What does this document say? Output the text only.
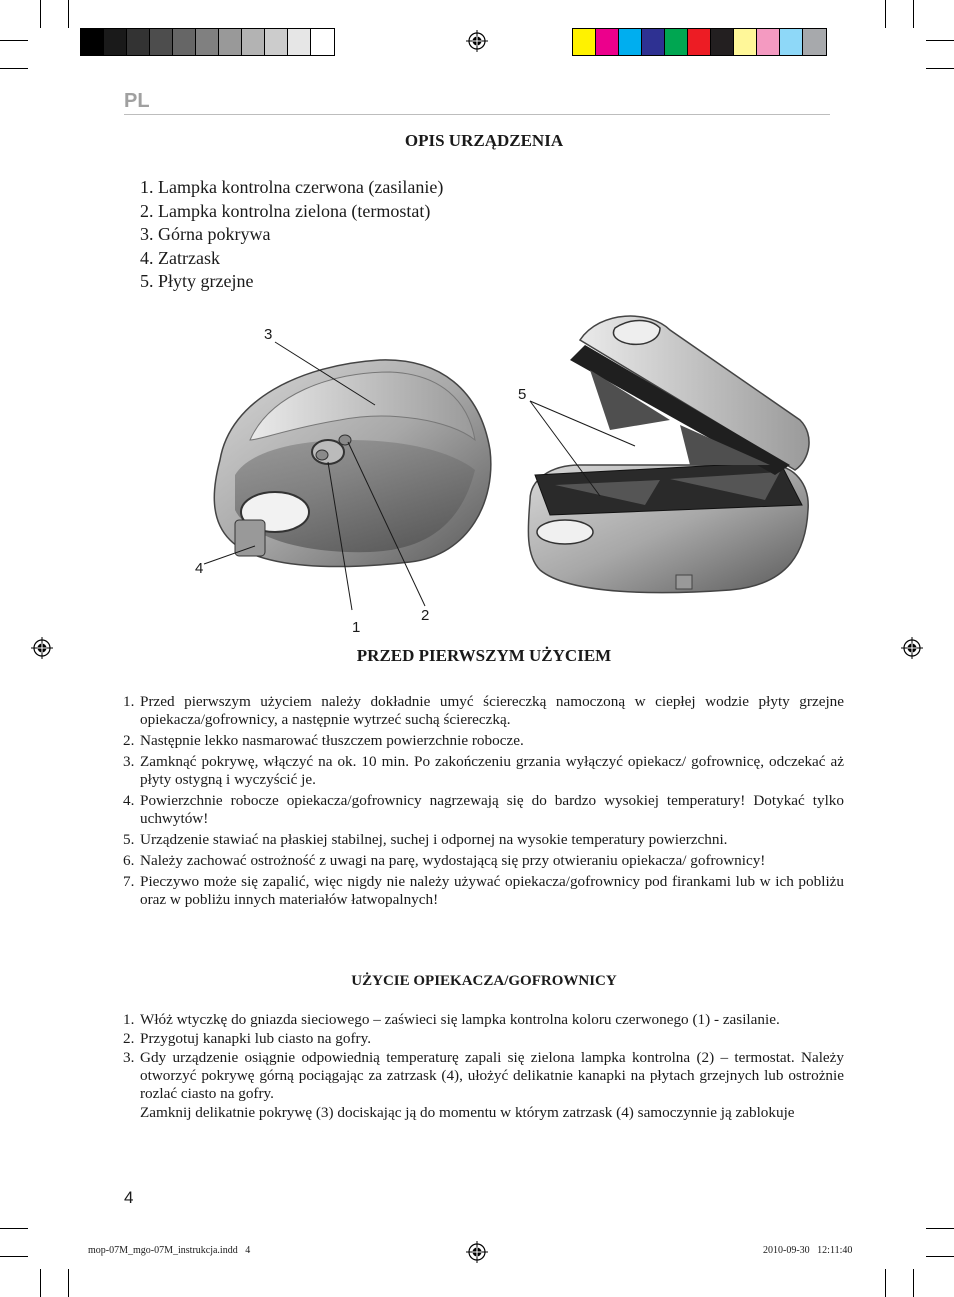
PL
OPIS URZĄDZENIA
1. Lampka kontrolna czerwona (zasilanie)
2. Lampka kontrolna zielona (termostat)
3. Górna pokrywa
4. Zatrzask
5. Płyty grzejne
3
5
4
1
2
PRZED PIERWSZYM UŻYCIEM
1. Przed pierwszym użyciem należy dokładnie umyć ściereczką namoczoną w ciepłej wodzie płyty grzejne opiekacza/gofrownicy, a następnie wytrzeć suchą ściereczką.
2. Następnie lekko nasmarować tłuszczem powierzchnie robocze.
3. Zamknąć pokrywę, włączyć na ok. 10 min. Po zakończeniu grzania wyłączyć opiekacz/ gofrownicę, odczekać aż płyty ostygną i wyczyścić je.
4. Powierzchnie robocze opiekacza/gofrownicy nagrzewają się do bardzo wysokiej temperatury! Dotykać tylko uchwytów!
5. Urządzenie stawiać na płaskiej stabilnej, suchej i odpornej na wysokie temperatury powierzchni.
6. Należy zachować ostrożność z uwagi na parę, wydostającą się przy otwieraniu opiekacza/ gofrownicy!
7. Pieczywo może się zapalić, więc nigdy nie należy używać opiekacza/gofrownicy pod firankami lub w ich pobliżu oraz w pobliżu innych materiałów łatwopalnych!
UŻYCIE OPIEKACZA/GOFROWNICY
1. Włóż wtyczkę do gniazda sieciowego – zaświeci się lampka kontrolna koloru czerwonego (1) - zasilanie.
2. Przygotuj kanapki lub ciasto na gofry.
3. Gdy urządzenie osiągnie odpowiednią temperaturę zapali się zielona lampka kontrolna (2) – termostat. Należy otworzyć pokrywę górną pociągając za zatrzask (4), ułożyć delikatnie kanapki na płytach grzejnych lub ostrożnie rozlać ciasto na gofry.
Zamknij delikatnie pokrywę (3) dociskając ją do momentu w którym zatrzask (4) samoczynnie ją zablokuje
4
mop-07M_mgo-07M_instrukcja.indd   4	2010-09-30   12:11:40
